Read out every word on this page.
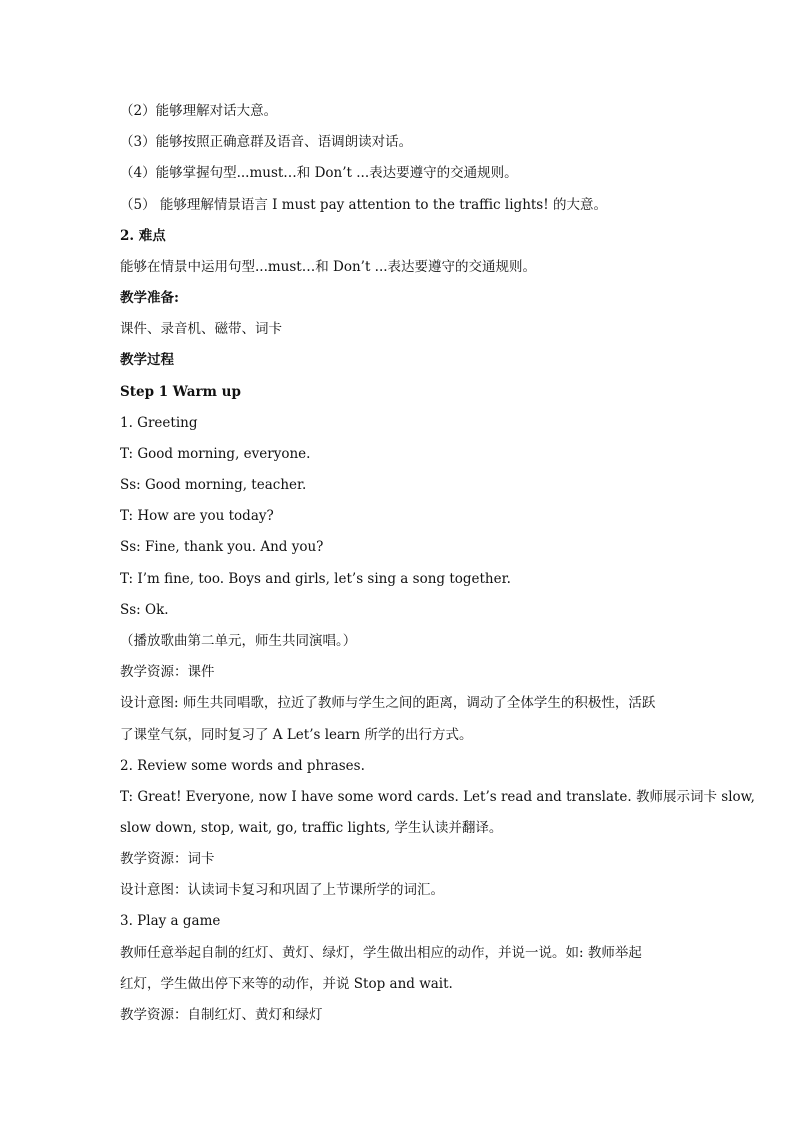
（2）能够理解对话大意。
（3）能够按照正确意群及语音、语调朗读对话。
（4）能够掌握句型...must…和 Don’t ...表达要遵守的交通规则。
（5） 能够理解情景语言 I must pay attention to the traffic lights! 的大意。
2. 难点
能够在情景中运用句型...must…和 Don’t ...表达要遵守的交通规则。
教学准备:
课件、录音机、磁带、词卡
教学过程
Step 1 Warm up
1. Greeting
T: Good morning, everyone.
Ss: Good morning, teacher.
T: How are you today?
Ss: Fine, thank you. And you?
T: I’m fine, too. Boys and girls, let’s sing a song together.
Ss: Ok.
（播放歌曲第二单元，师生共同演唱。）
教学资源：课件
设计意图: 师生共同唱歌，拉近了教师与学生之间的距离，调动了全体学生的积极性，活跃
了课堂气氛，同时复习了 A Let’s learn 所学的出行方式。
2. Review some words and phrases.
T: Great! Everyone, now I have some word cards. Let’s read and translate. 教师展示词卡 slow,
slow down, stop, wait, go, traffic lights, 学生认读并翻译。
教学资源：词卡
设计意图：认读词卡复习和巩固了上节课所学的词汇。
3. Play a game
教师任意举起自制的红灯、黄灯、绿灯，学生做出相应的动作，并说一说。如: 教师举起
红灯，学生做出停下来等的动作，并说 Stop and wait.
教学资源：自制红灯、黄灯和绿灯
